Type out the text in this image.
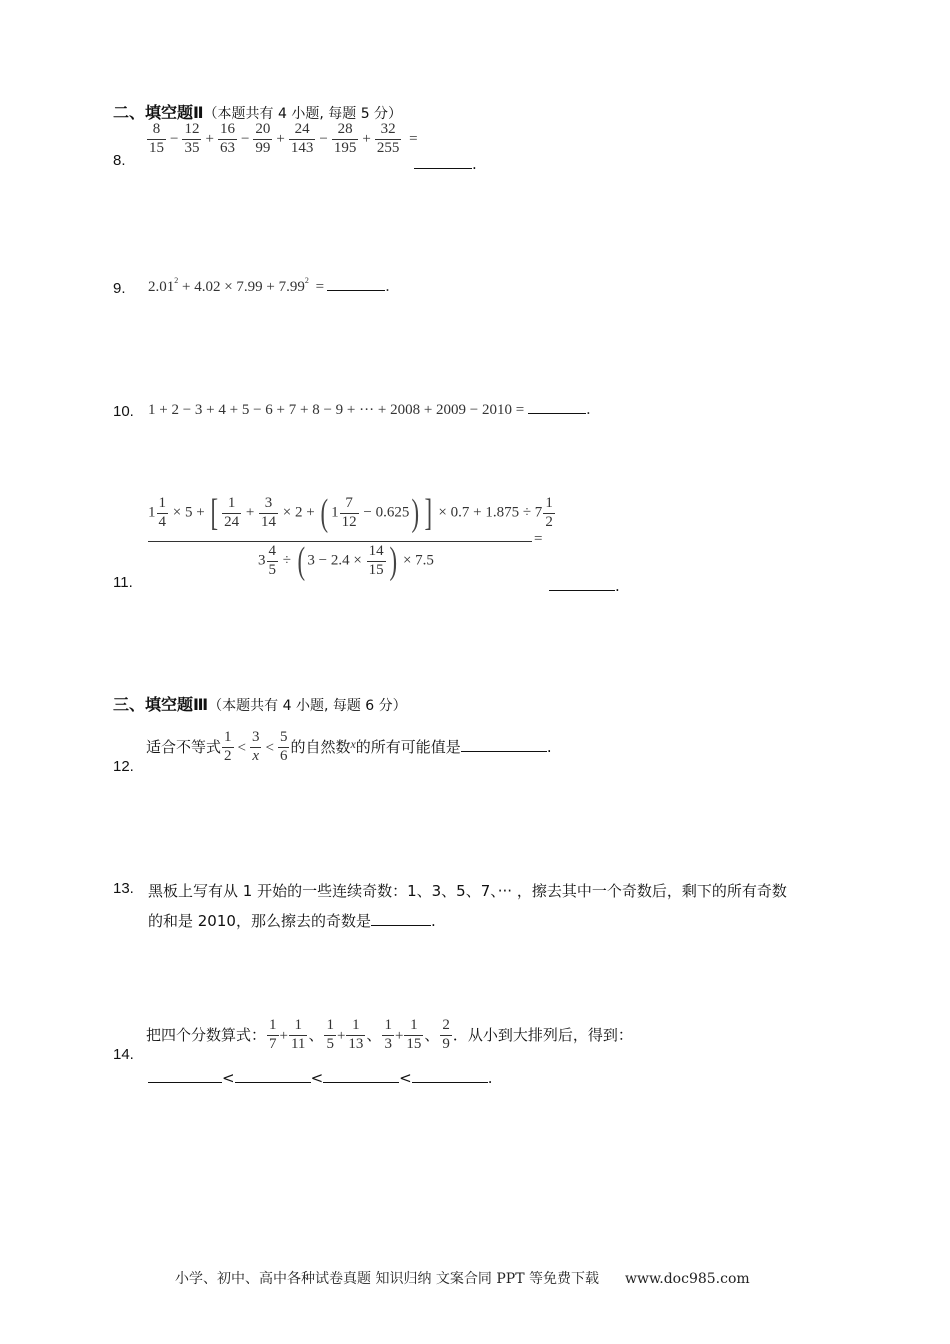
二、填空题Ⅱ（本题共有 4 小题, 每题 5 分）
8.
$\frac{8}{15} - \frac{12}{35} + \frac{16}{63} - \frac{20}{99} + \frac{24}{143} - \frac{28}{195} + \frac{32}{255}$ =
.
9. $2.01^2 + 4.02 \times 7.99 + 7.99^2$ =	.
10. 1 + 2 − 3 + 4 + 5 − 6 + 7 + 8 − 9 + ··· + 2008 + 2009 − 2010 =	.
11.
$1 \frac{1}{4} \times 5$ + [ $\frac{1}{24} + \frac{3}{14} \times 2$ + ( $1 \frac{7}{12} - 0.625$) ] × $0.7 + 1.875 \div 7 \frac{1}{2}$
=
$3 \frac{4}{5}$ ÷ ( $3 - 2.4 \times \frac{14}{15}$ ) × 7.5
.
三、填空题Ⅲ（本题共有 4 小题, 每题 6 分）
12.
适合不等式 $\frac{1}{2} < \frac{3}{x} < \frac{5}{6}$ 的自然数$^x$的所有可能值是	.
13. 黑板上写有从 1 开始的一些连续奇数：1、3、5、7、··· ，擦去其中一个奇数后，剩下的所有奇数
的和是 2010，那么擦去的奇数是	.
14.
把四个分数算式： $\frac{1}{7} + \frac{1}{11}$ 、 $\frac{1}{5} + \frac{1}{13}$ 、 $\frac{1}{3} + \frac{1}{15}$ 、 $\frac{2}{9}$ ．从小到大排列后，得到：
<	<	<	.
小学、初中、高中各种试卷真题 知识归纳 文案合同 PPT 等免费下载 www.doc985.com
